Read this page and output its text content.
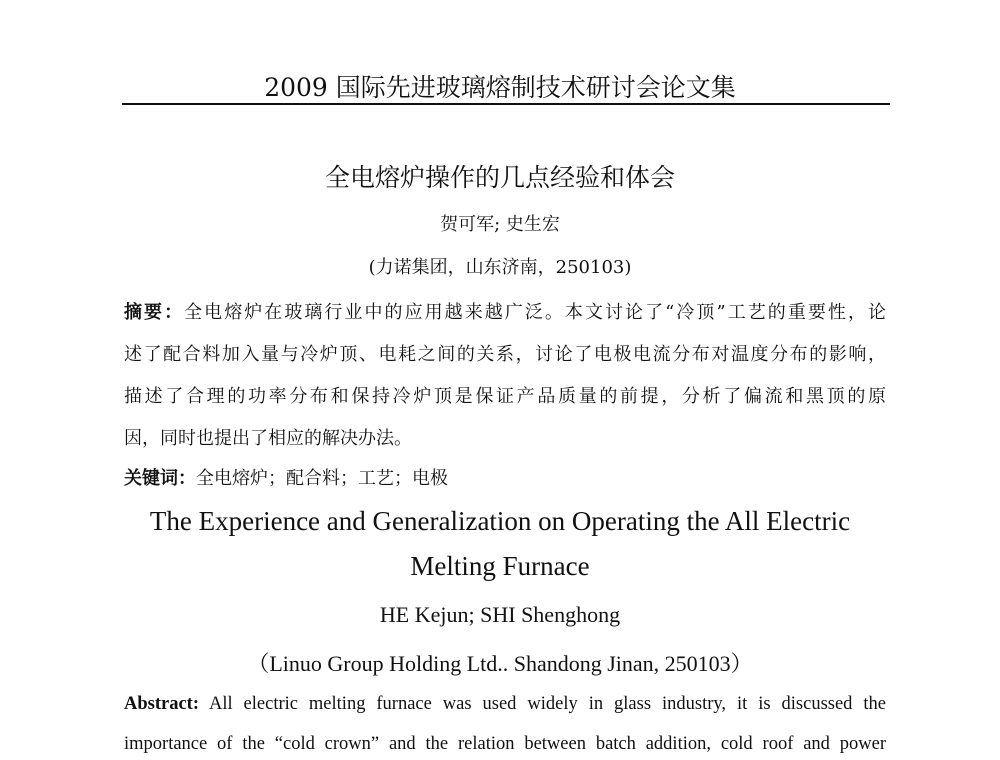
2009 国际先进玻璃熔制技术研讨会论文集
全电熔炉操作的几点经验和体会
贺可军; 史生宏
(力诺集团，山东济南，250103)
摘要：全电熔炉在玻璃行业中的应用越来越广泛。本文讨论了“冷顶”工艺的重要性，论
述了配合料加入量与冷炉顶、电耗之间的关系，讨论了电极电流分布对温度分布的影响，
描述了合理的功率分布和保持冷炉顶是保证产品质量的前提，分析了偏流和黑顶的原
因，同时也提出了相应的解决办法。
关键词：全电熔炉；配合料；工艺；电极
The Experience and Generalization on Operating the All Electric
Melting Furnace
HE Kejun; SHI Shenghong
（Linuo Group Holding Ltd.. Shandong Jinan, 250103）
Abstract: All electric melting furnace was used widely in glass industry, it is discussed the
importance of the “cold crown” and the relation between batch addition, cold roof and power
